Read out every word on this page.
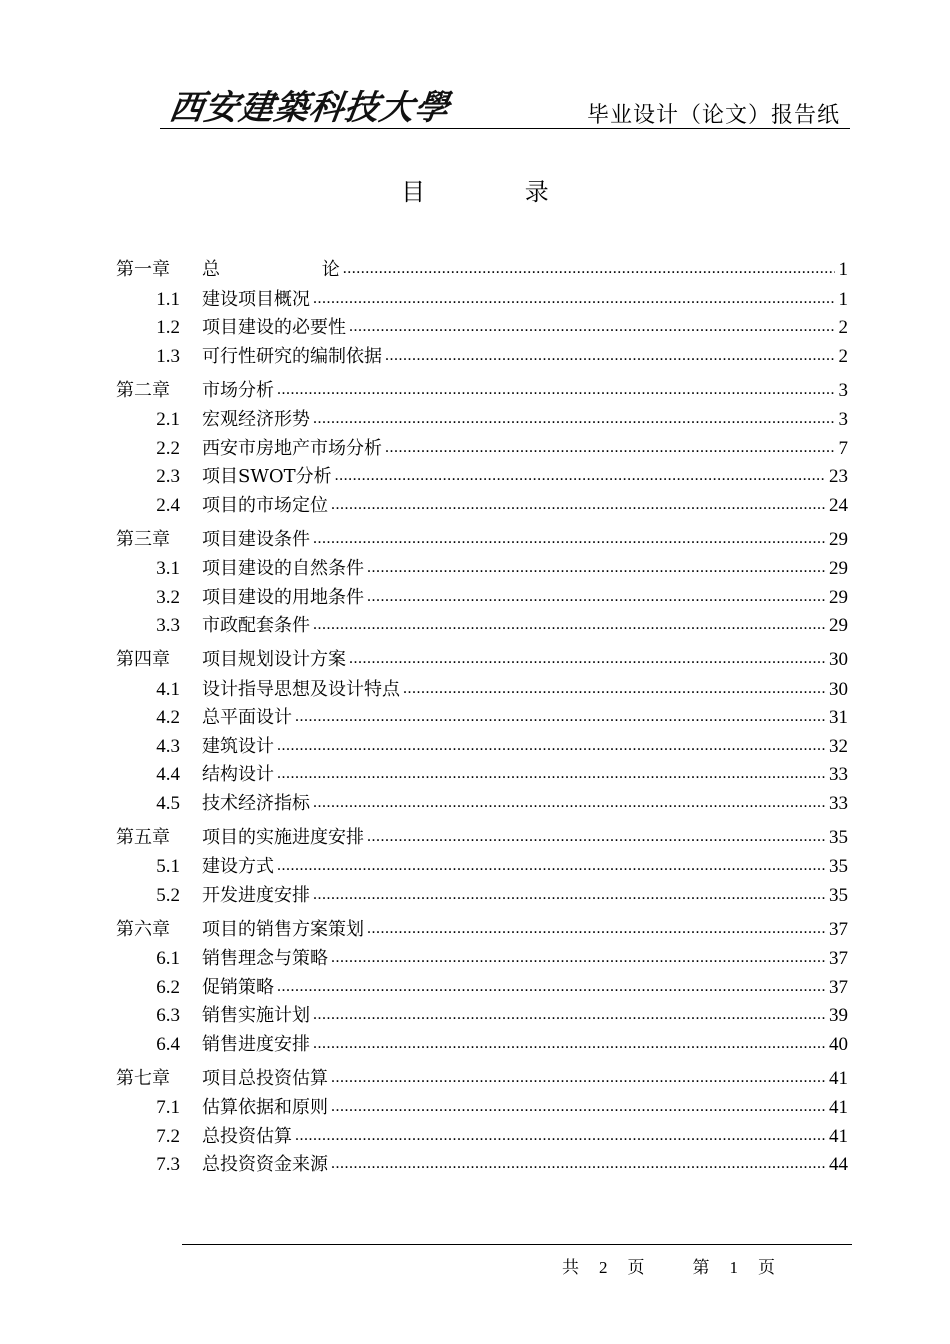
西安建築科技大學	毕业设计（论文）报告纸
目 录
第一章	总 论 .....	1
1.1	建设项目概况 .....	1
1.2	项目建设的必要性 .....	2
1.3	可行性研究的编制依据 .....	2
第二章	市场分析 .....	3
2.1	宏观经济形势 .....	3
2.2	西安市房地产市场分析 .....	7
2.3	项目SWOT分析 .....	23
2.4	项目的市场定位 .....	24
第三章	项目建设条件 .....	29
3.1	项目建设的自然条件 .....	29
3.2	项目建设的用地条件 .....	29
3.3	市政配套条件 .....	29
第四章	项目规划设计方案 .....	30
4.1	设计指导思想及设计特点 .....	30
4.2	总平面设计 .....	31
4.3	建筑设计 .....	32
4.4	结构设计 .....	33
4.5	技术经济指标 .....	33
第五章	项目的实施进度安排 .....	35
5.1	建设方式 .....	35
5.2	开发进度安排 .....	35
第六章	项目的销售方案策划 .....	37
6.1	销售理念与策略 .....	37
6.2	促销策略 .....	37
6.3	销售实施计划 .....	39
6.4	销售进度安排 .....	40
第七章	项目总投资估算 .....	41
7.1	估算依据和原则 .....	41
7.2	总投资估算 .....	41
7.3	总投资资金来源 .....	44
共 2 页	第 1 页
